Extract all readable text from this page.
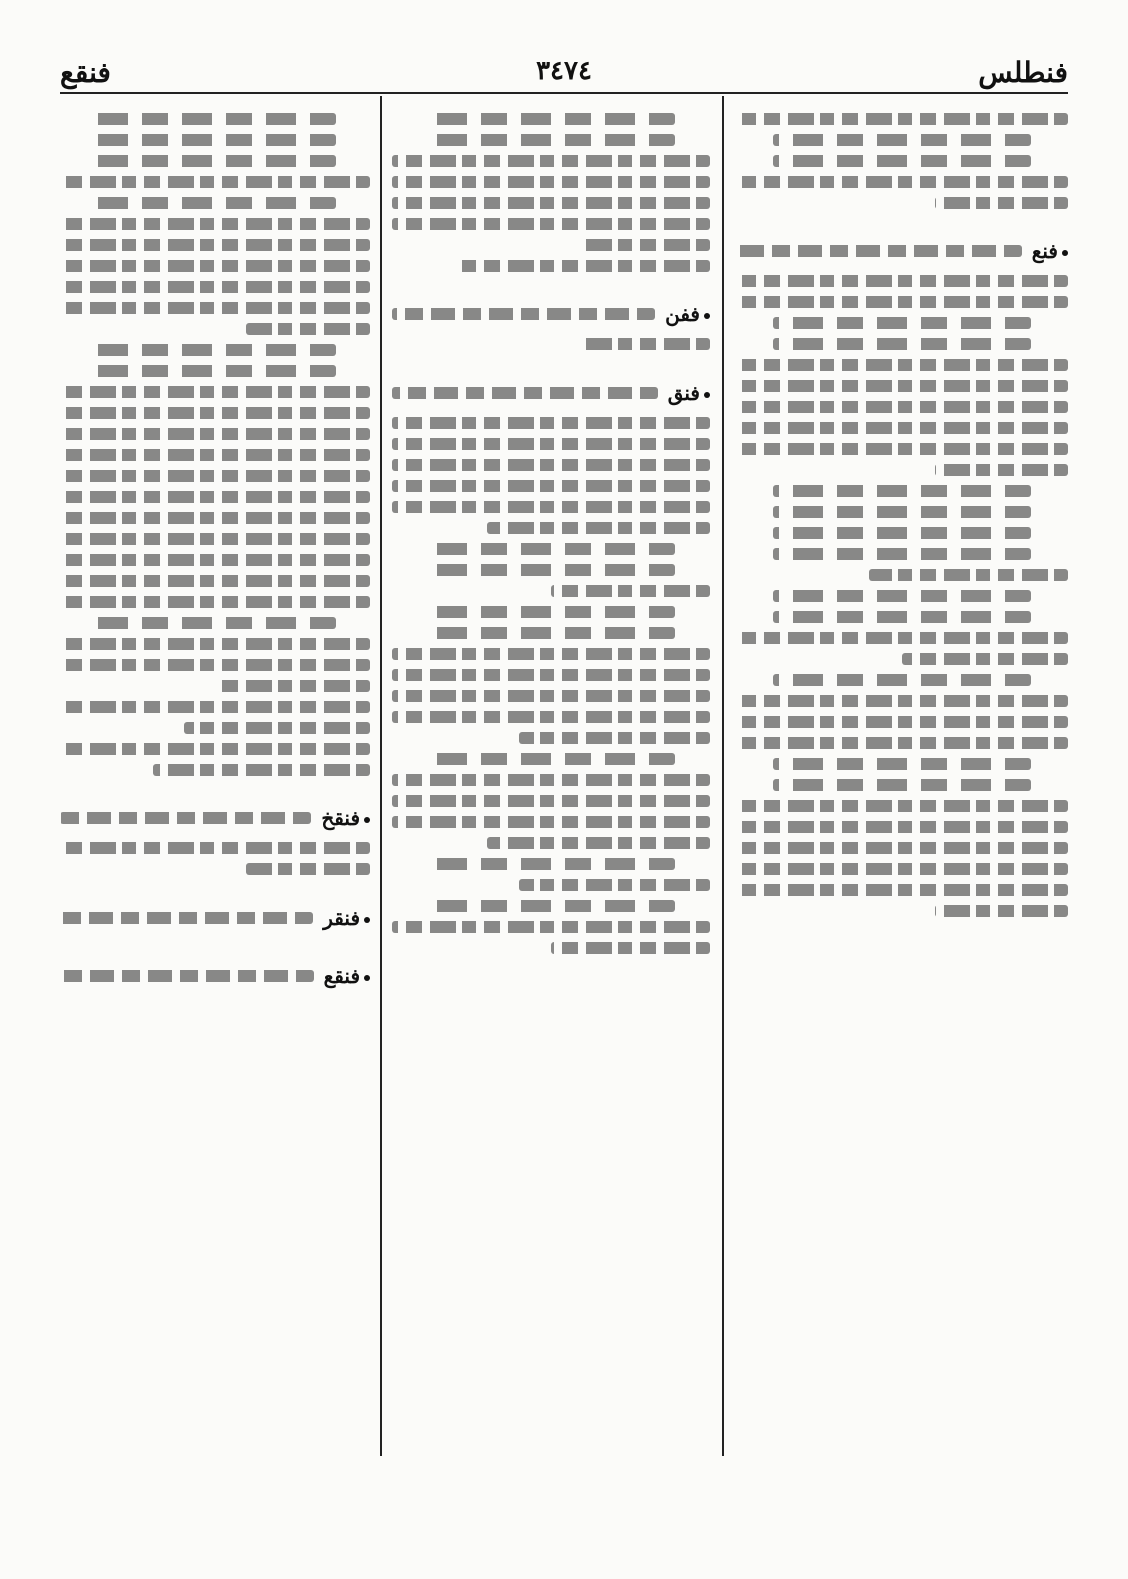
فنطلس
٣٤٧٤
فنقع
فنع
ففن
فنق
فنقخ
فنقر
فنقع
